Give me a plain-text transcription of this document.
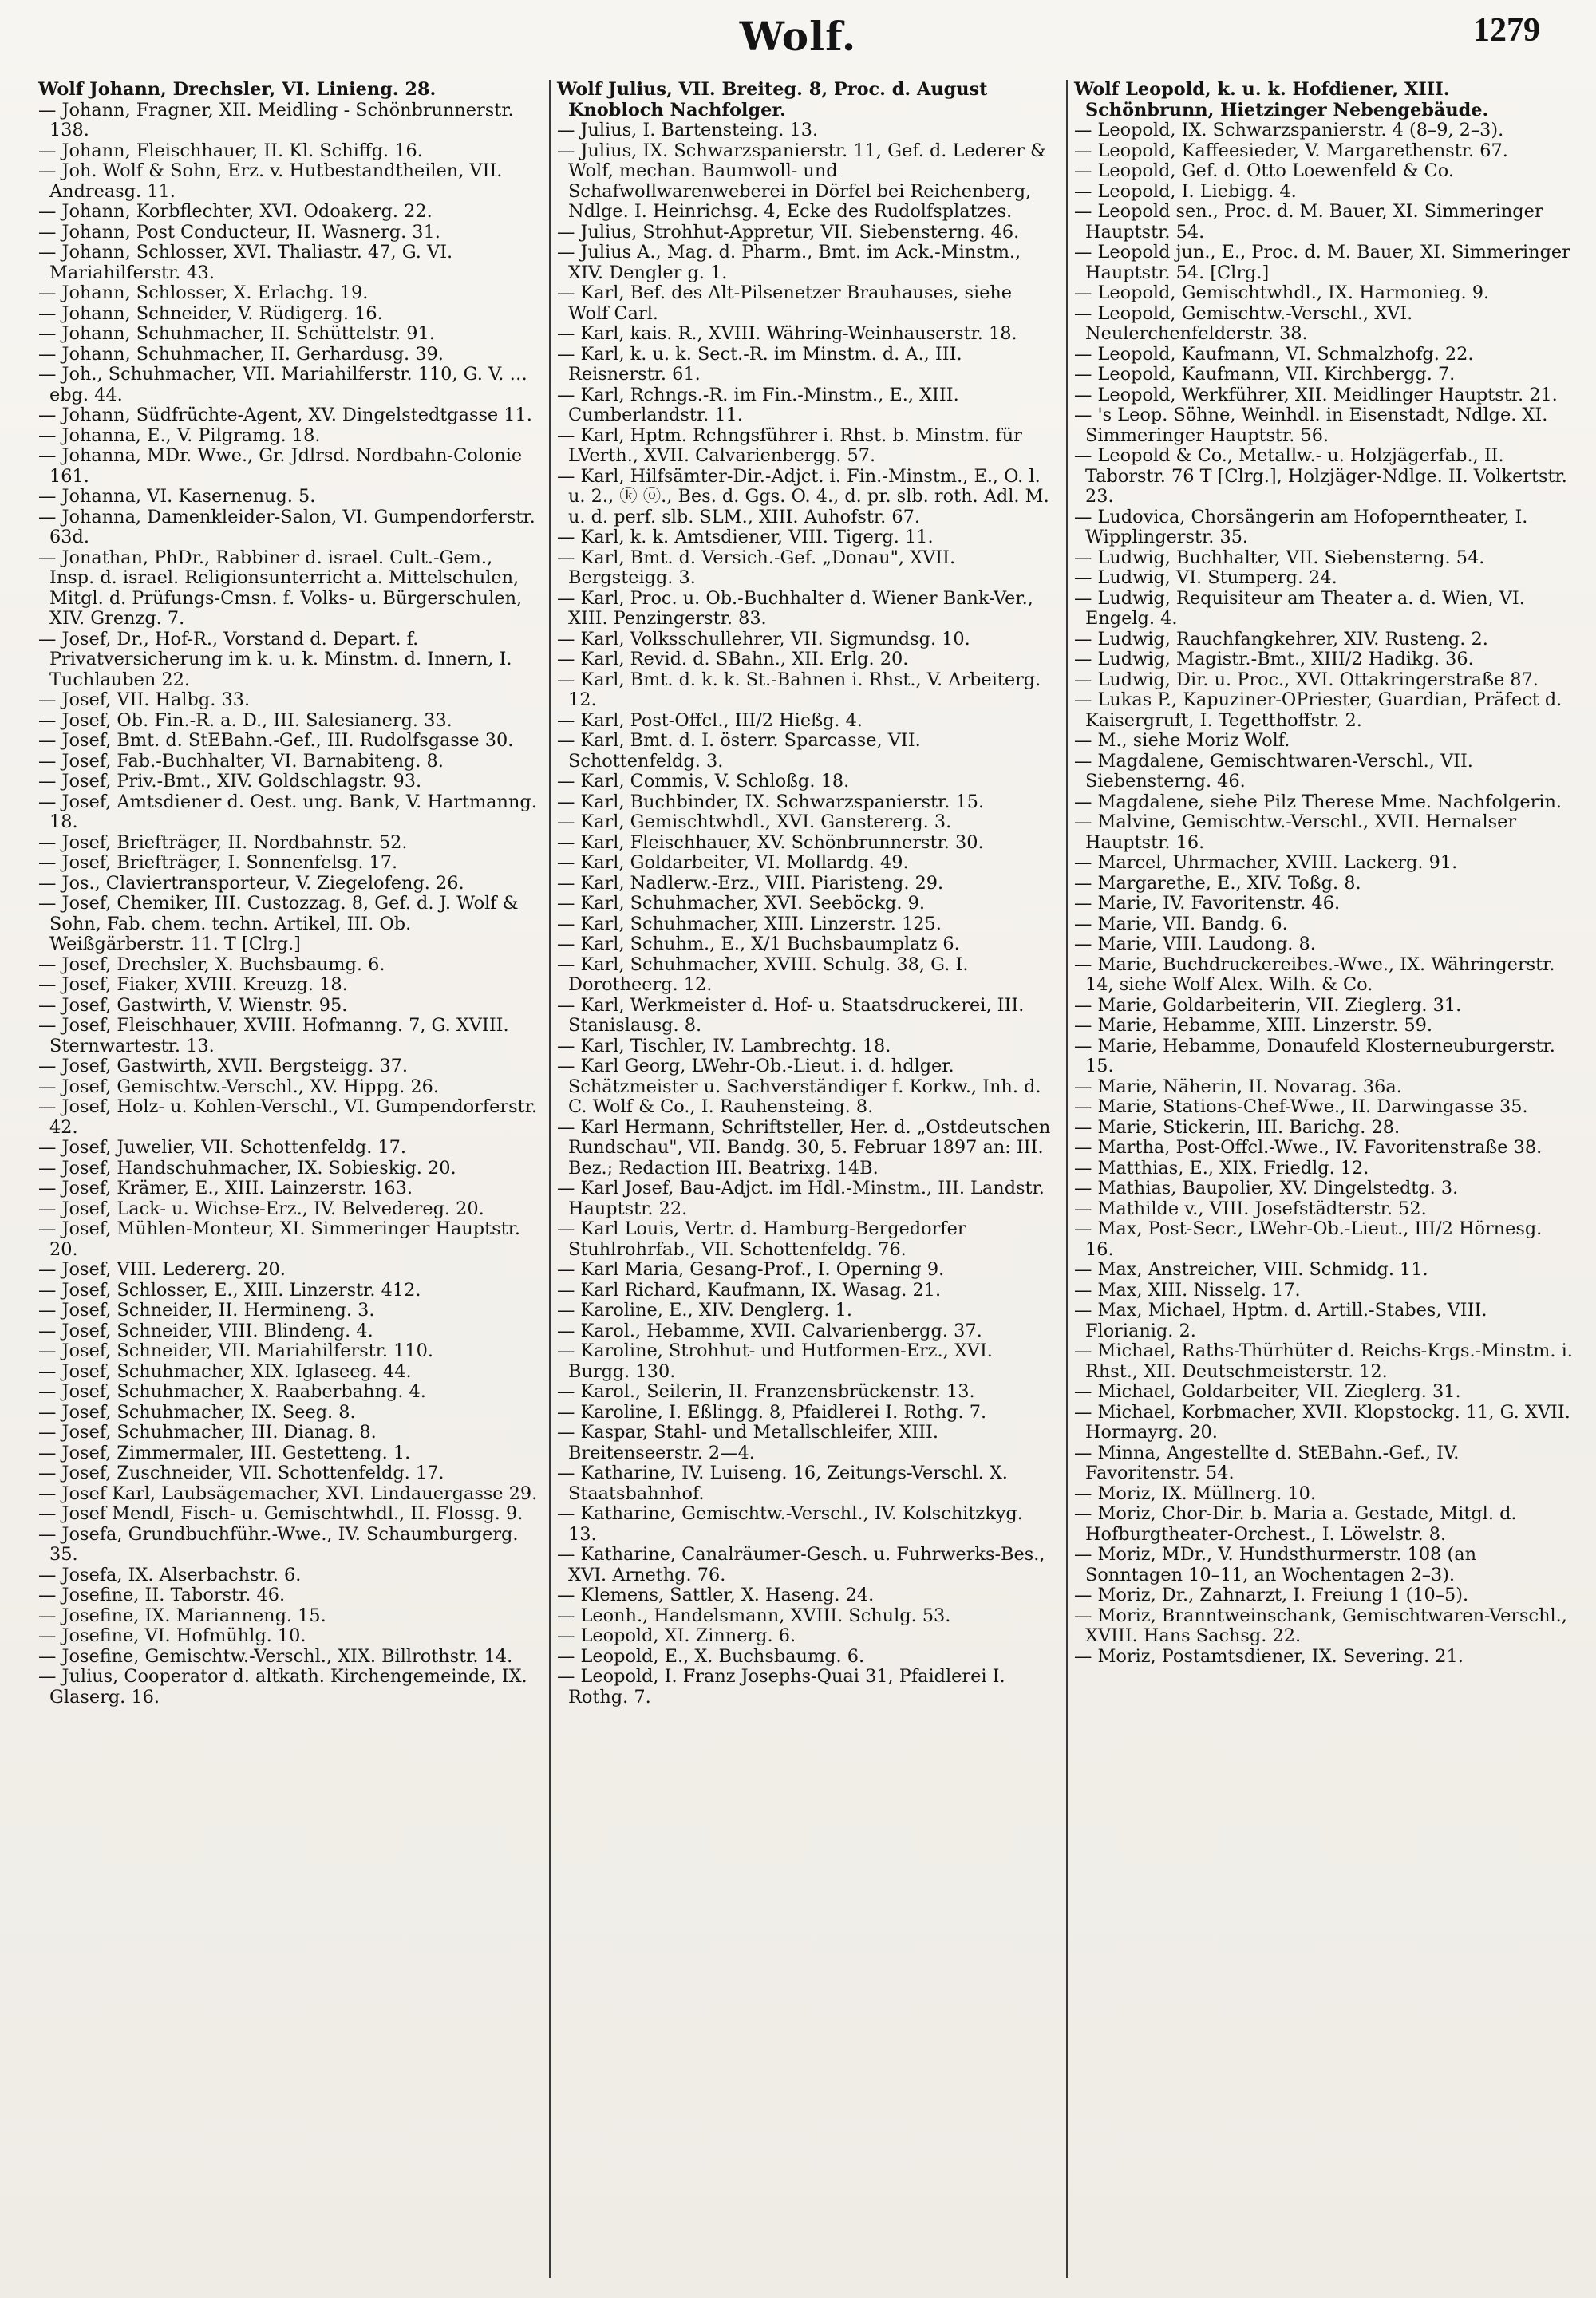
Wolf.	1279
Wolf Johann, Drechsler, VI. Linieng. 28.
— Johann, Fragner, XII. Meidling - Schönbrunnerstr. 138.
— Johann, Fleischhauer, II. Kl. Schiffg. 16.
— Joh. Wolf & Sohn, Erz. v. Hutbestandtheilen, VII. Andreasg. 11.
— Johann, Korbflechter, XVI. Odoakerg. 22.
— Johann, Post Conducteur, II. Wasnerg. 31.
— Johann, Schlosser, XVI. Thaliastr. 47, G. VI. Mariahilferstr. 43.
— Johann, Schlosser, X. Erlachg. 19.
— Johann, Schneider, V. Rüdigerg. 16.
— Johann, Schuhmacher, II. Schüttelstr. 91.
— Johann, Schuhmacher, II. Gerhardusg. 39.
— Joh., Schuhmacher, VII. Mariahilferstr. 110, G. V. …ebg. 44.
— Johann, Südfrüchte-Agent, XV. Dingelstedtgasse 11.
— Johanna, E., V. Pilgramg. 18.
— Johanna, MDr. Wwe., Gr. Jdlrsd. Nordbahn-Colonie 161.
— Johanna, VI. Kasernenug. 5.
— Johanna, Damenkleider-Salon, VI. Gumpendorferstr. 63d.
— Jonathan, PhDr., Rabbiner d. israel. Cult.-Gem., Insp. d. israel. Religionsunterricht a. Mittelschulen, Mitgl. d. Prüfungs-Cmsn. f. Volks- u. Bürgerschulen, XIV. Grenzg. 7.
— Josef, Dr., Hof-R., Vorstand d. Depart. f. Privatversicherung im k. u. k. Minstm. d. Innern, I. Tuchlauben 22.
— Josef, VII. Halbg. 33.
— Josef, Ob. Fin.-R. a. D., III. Salesianerg. 33.
— Josef, Bmt. d. StEBahn.-Gef., III. Rudolfsgasse 30.
— Josef, Fab.-Buchhalter, VI. Barnabiteng. 8.
— Josef, Priv.-Bmt., XIV. Goldschlagstr. 93.
— Josef, Amtsdiener d. Oest. ung. Bank, V. Hartmanng. 18.
— Josef, Briefträger, II. Nordbahnstr. 52.
— Josef, Briefträger, I. Sonnenfelsg. 17.
— Jos., Claviertransporteur, V. Ziegelofeng. 26.
— Josef, Chemiker, III. Custozzag. 8, Gef. d. J. Wolf & Sohn, Fab. chem. techn. Artikel, III. Ob. Weißgärberstr. 11. T [Clrg.]
— Josef, Drechsler, X. Buchsbaumg. 6.
— Josef, Fiaker, XVIII. Kreuzg. 18.
— Josef, Gastwirth, V. Wienstr. 95.
— Josef, Fleischhauer, XVIII. Hofmanng. 7, G. XVIII. Sternwartestr. 13.
— Josef, Gastwirth, XVII. Bergsteigg. 37.
— Josef, Gemischtw.-Verschl., XV. Hippg. 26.
— Josef, Holz- u. Kohlen-Verschl., VI. Gumpendorferstr. 42.
— Josef, Juwelier, VII. Schottenfeldg. 17.
— Josef, Handschuhmacher, IX. Sobieskig. 20.
— Josef, Krämer, E., XIII. Lainzerstr. 163.
— Josef, Lack- u. Wichse-Erz., IV. Belvedereg. 20.
— Josef, Mühlen-Monteur, XI. Simmeringer Hauptstr. 20.
— Josef, VIII. Ledererg. 20.
— Josef, Schlosser, E., XIII. Linzerstr. 412.
— Josef, Schneider, II. Hermineng. 3.
— Josef, Schneider, VIII. Blindeng. 4.
— Josef, Schneider, VII. Mariahilferstr. 110.
— Josef, Schuhmacher, XIX. Iglaseeg. 44.
— Josef, Schuhmacher, X. Raaberbahng. 4.
— Josef, Schuhmacher, IX. Seeg. 8.
— Josef, Schuhmacher, III. Dianag. 8.
— Josef, Zimmermaler, III. Gestetteng. 1.
— Josef, Zuschneider, VII. Schottenfeldg. 17.
— Josef Karl, Laubsägemacher, XVI. Lindauergasse 29.
— Josef Mendl, Fisch- u. Gemischtwhdl., II. Flossg. 9.
— Josefa, Grundbuchführ.-Wwe., IV. Schaumburgerg. 35.
— Josefa, IX. Alserbachstr. 6.
— Josefine, II. Taborstr. 46.
— Josefine, IX. Marianneng. 15.
— Josefine, VI. Hofmühlg. 10.
— Josefine, Gemischtw.-Verschl., XIX. Billrothstr. 14.
— Julius, Cooperator d. altkath. Kirchengemeinde, IX. Glaserg. 16.
Wolf Julius, VII. Breiteg. 8, Proc. d. August Knobloch Nachfolger.
— Julius, I. Bartensteing. 13.
— Julius, IX. Schwarzspanierstr. 11, Gef. d. Lederer & Wolf, mechan. Baumwoll- und Schafwollwarenweberei in Dörfel bei Reichenberg, Ndlge. I. Heinrichsg. 4, Ecke des Rudolfsplatzes.
— Julius, Strohhut-Appretur, VII. Siebensterng. 46.
— Julius A., Mag. d. Pharm., Bmt. im Ack.-Minstm., XIV. Dengler g. 1.
— Karl, Bef. des Alt-Pilsenetzer Brauhauses, siehe Wolf Carl.
— Karl, kais. R., XVIII. Währing-Weinhauserstr. 18.
— Karl, k. u. k. Sect.-R. im Minstm. d. A., III. Reisnerstr. 61.
— Karl, Rchngs.-R. im Fin.-Minstm., E., XIII. Cumberlandstr. 11.
— Karl, Hptm. Rchngsführer i. Rhst. b. Minstm. für LVerth., XVII. Calvarienbergg. 57.
— Karl, Hilfsämter-Dir.-Adjct. i. Fin.-Minstm., E., O. l. u. 2., ⓚ ⓞ., Bes. d. Ggs. O. 4., d. pr. slb. roth. Adl. M. u. d. perf. slb. SLM., XIII. Auhofstr. 67.
— Karl, k. k. Amtsdiener, VIII. Tigerg. 11.
— Karl, Bmt. d. Versich.-Gef. „Donau", XVII. Bergsteigg. 3.
— Karl, Proc. u. Ob.-Buchhalter d. Wiener Bank-Ver., XIII. Penzingerstr. 83.
— Karl, Volksschullehrer, VII. Sigmundsg. 10.
— Karl, Revid. d. SBahn., XII. Erlg. 20.
— Karl, Bmt. d. k. k. St.-Bahnen i. Rhst., V. Arbeiterg. 12.
— Karl, Post-Offcl., III/2 Hießg. 4.
— Karl, Bmt. d. I. österr. Sparcasse, VII. Schottenfeldg. 3.
— Karl, Commis, V. Schloßg. 18.
— Karl, Buchbinder, IX. Schwarzspanierstr. 15.
— Karl, Gemischtwhdl., XVI. Ganstererg. 3.
— Karl, Fleischhauer, XV. Schönbrunnerstr. 30.
— Karl, Goldarbeiter, VI. Mollardg. 49.
— Karl, Nadlerw.-Erz., VIII. Piaristeng. 29.
— Karl, Schuhmacher, XVI. Seeböckg. 9.
— Karl, Schuhmacher, XIII. Linzerstr. 125.
— Karl, Schuhm., E., X/1 Buchsbaumplatz 6.
— Karl, Schuhmacher, XVIII. Schulg. 38, G. I. Dorotheerg. 12.
— Karl, Werkmeister d. Hof- u. Staatsdruckerei, III. Stanislausg. 8.
— Karl, Tischler, IV. Lambrechtg. 18.
— Karl Georg, LWehr-Ob.-Lieut. i. d. hdlger. Schätzmeister u. Sachverständiger f. Korkw., Inh. d. C. Wolf & Co., I. Rauhensteing. 8.
— Karl Hermann, Schriftsteller, Her. d. „Ostdeutschen Rundschau", VII. Bandg. 30, 5. Februar 1897 an: III. Bez.; Redaction III. Beatrixg. 14B.
— Karl Josef, Bau-Adjct. im Hdl.-Minstm., III. Landstr. Hauptstr. 22.
— Karl Louis, Vertr. d. Hamburg-Bergedorfer Stuhlrohrfab., VII. Schottenfeldg. 76.
— Karl Maria, Gesang-Prof., I. Operning 9.
— Karl Richard, Kaufmann, IX. Wasag. 21.
— Karoline, E., XIV. Denglerg. 1.
— Karol., Hebamme, XVII. Calvarienbergg. 37.
— Karoline, Strohhut- und Hutformen-Erz., XVI. Burgg. 130.
— Karol., Seilerin, II. Franzensbrückenstr. 13.
— Karoline, I. Eßlingg. 8, Pfaidlerei I. Rothg. 7.
— Kaspar, Stahl- und Metallschleifer, XIII. Breitenseerstr. 2—4.
— Katharine, IV. Luiseng. 16, Zeitungs-Verschl. X. Staatsbahnhof.
— Katharine, Gemischtw.-Verschl., IV. Kolschitzkyg. 13.
— Katharine, Canalräumer-Gesch. u. Fuhrwerks-Bes., XVI. Arnethg. 76.
— Klemens, Sattler, X. Haseng. 24.
— Leonh., Handelsmann, XVIII. Schulg. 53.
— Leopold, XI. Zinnerg. 6.
— Leopold, E., X. Buchsbaumg. 6.
— Leopold, I. Franz Josephs-Quai 31, Pfaidlerei I. Rothg. 7.
Wolf Leopold, k. u. k. Hofdiener, XIII. Schönbrunn, Hietzinger Nebengebäude.
— Leopold, IX. Schwarzspanierstr. 4 (8–9, 2–3).
— Leopold, Kaffeesieder, V. Margarethenstr. 67.
— Leopold, Gef. d. Otto Loewenfeld & Co.
— Leopold, I. Liebigg. 4.
— Leopold sen., Proc. d. M. Bauer, XI. Simmeringer Hauptstr. 54.
— Leopold jun., E., Proc. d. M. Bauer, XI. Simmeringer Hauptstr. 54. [Clrg.]
— Leopold, Gemischtwhdl., IX. Harmonieg. 9.
— Leopold, Gemischtw.-Verschl., XVI. Neulerchenfelderstr. 38.
— Leopold, Kaufmann, VI. Schmalzhofg. 22.
— Leopold, Kaufmann, VII. Kirchbergg. 7.
— Leopold, Werkführer, XII. Meidlinger Hauptstr. 21.
— 's Leop. Söhne, Weinhdl. in Eisenstadt, Ndlge. XI. Simmeringer Hauptstr. 56.
— Leopold & Co., Metallw.- u. Holzjägerfab., II. Taborstr. 76 T [Clrg.], Holzjäger-Ndlge. II. Volkertstr. 23.
— Ludovica, Chorsängerin am Hofoperntheater, I. Wipplingerstr. 35.
— Ludwig, Buchhalter, VII. Siebensterng. 54.
— Ludwig, VI. Stumperg. 24.
— Ludwig, Requisiteur am Theater a. d. Wien, VI. Engelg. 4.
— Ludwig, Rauchfangkehrer, XIV. Rusteng. 2.
— Ludwig, Magistr.-Bmt., XIII/2 Hadikg. 36.
— Ludwig, Dir. u. Proc., XVI. Ottakringerstraße 87.
— Lukas P., Kapuziner-OPriester, Guardian, Präfect d. Kaisergruft, I. Tegetthoffstr. 2.
— M., siehe Moriz Wolf.
— Magdalene, Gemischtwaren-Verschl., VII. Siebensterng. 46.
— Magdalene, siehe Pilz Therese Mme. Nachfolgerin.
— Malvine, Gemischtw.-Verschl., XVII. Hernalser Hauptstr. 16.
— Marcel, Uhrmacher, XVIII. Lackerg. 91.
— Margarethe, E., XIV. Toßg. 8.
— Marie, IV. Favoritenstr. 46.
— Marie, VII. Bandg. 6.
— Marie, VIII. Laudong. 8.
— Marie, Buchdruckereibes.-Wwe., IX. Währingerstr. 14, siehe Wolf Alex. Wilh. & Co.
— Marie, Goldarbeiterin, VII. Zieglerg. 31.
— Marie, Hebamme, XIII. Linzerstr. 59.
— Marie, Hebamme, Donaufeld Klosterneuburgerstr. 15.
— Marie, Näherin, II. Novarag. 36a.
— Marie, Stations-Chef-Wwe., II. Darwingasse 35.
— Marie, Stickerin, III. Barichg. 28.
— Martha, Post-Offcl.-Wwe., IV. Favoritenstraße 38.
— Matthias, E., XIX. Friedlg. 12.
— Mathias, Baupolier, XV. Dingelstedtg. 3.
— Mathilde v., VIII. Josefstädterstr. 52.
— Max, Post-Secr., LWehr-Ob.-Lieut., III/2 Hörnesg. 16.
— Max, Anstreicher, VIII. Schmidg. 11.
— Max, XIII. Nisselg. 17.
— Max, Michael, Hptm. d. Artill.-Stabes, VIII. Florianig. 2.
— Michael, Raths-Thürhüter d. Reichs-Krgs.-Minstm. i. Rhst., XII. Deutschmeisterstr. 12.
— Michael, Goldarbeiter, VII. Zieglerg. 31.
— Michael, Korbmacher, XVII. Klopstockg. 11, G. XVII. Hormayrg. 20.
— Minna, Angestellte d. StEBahn.-Gef., IV. Favoritenstr. 54.
— Moriz, IX. Müllnerg. 10.
— Moriz, Chor-Dir. b. Maria a. Gestade, Mitgl. d. Hofburgtheater-Orchest., I. Löwelstr. 8.
— Moriz, MDr., V. Hundsthurmerstr. 108 (an Sonntagen 10–11, an Wochentagen 2–3).
— Moriz, Dr., Zahnarzt, I. Freiung 1 (10–5).
— Moriz, Branntweinschank, Gemischtwaren-Verschl., XVIII. Hans Sachsg. 22.
— Moriz, Postamtsdiener, IX. Severing. 21.
